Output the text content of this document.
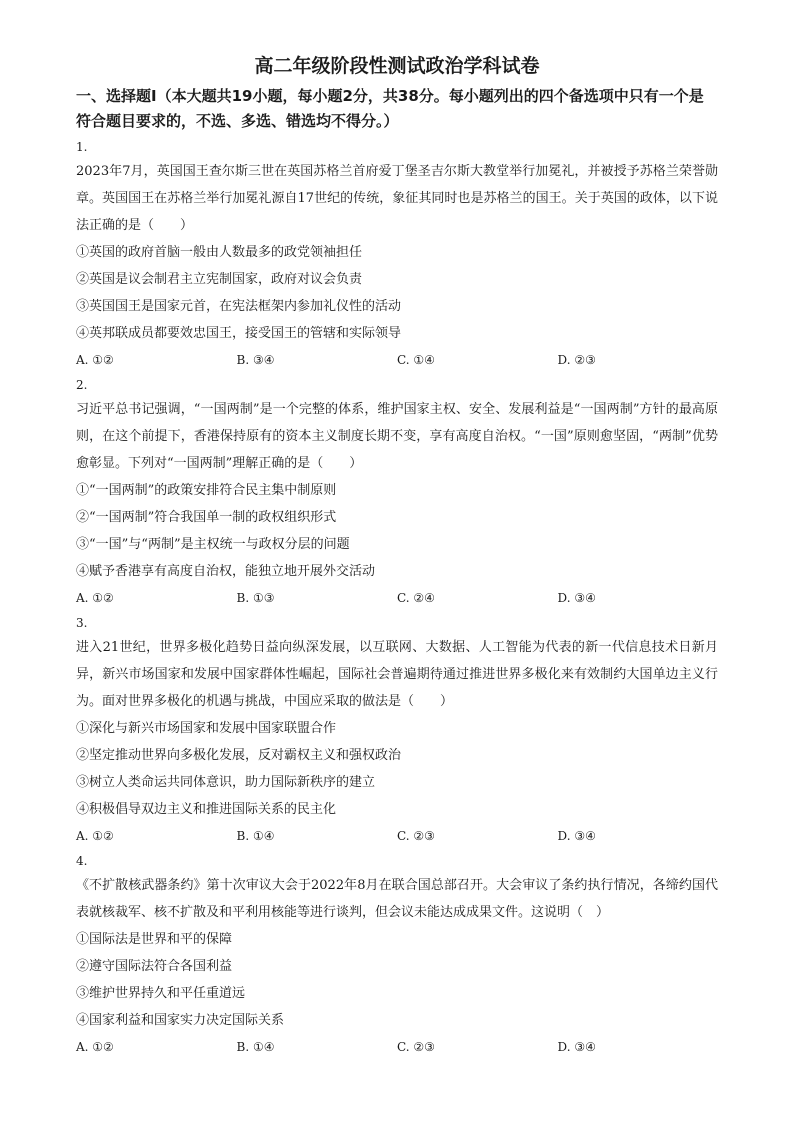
高二年级阶段性测试政治学科试卷
一、选择题I（本大题共19小题，每小题2分，共38分。每小题列出的四个备选项中只有一个是符合题目要求的，不选、多选、错选均不得分。）
1.
2023年7月，英国国王查尔斯三世在英国苏格兰首府爱丁堡圣吉尔斯大教堂举行加冕礼，并被授予苏格兰荣誉勋章。英国国王在苏格兰举行加冕礼源自17世纪的传统，象征其同时也是苏格兰的国王。关于英国的政体，以下说法正确的是（　　）
①英国的政府首脑一般由人数最多的政党领袖担任
②英国是议会制君主立宪制国家，政府对议会负责
③英国国王是国家元首，在宪法框架内参加礼仪性的活动
④英邦联成员都要效忠国王，接受国王的管辖和实际领导
A. ①②	B. ③④	C. ①④	D. ②③
2.
习近平总书记强调，“一国两制”是一个完整的体系，维护国家主权、安全、发展利益是“一国两制”方针的最高原则，在这个前提下，香港保持原有的资本主义制度长期不变，享有高度自治权。“一国”原则愈坚固，“两制”优势愈彰显。下列对“一国两制”理解正确的是（　　）
①“一国两制”的政策安排符合民主集中制原则
②“一国两制”符合我国单一制的政权组织形式
③“一国”与“两制”是主权统一与政权分层的问题
④赋予香港享有高度自治权，能独立地开展外交活动
A. ①②	B. ①③	C. ②④	D. ③④
3.
进入21世纪，世界多极化趋势日益向纵深发展，以互联网、大数据、人工智能为代表的新一代信息技术日新月异，新兴市场国家和发展中国家群体性崛起，国际社会普遍期待通过推进世界多极化来有效制约大国单边主义行为。面对世界多极化的机遇与挑战，中国应采取的做法是（　　）
①深化与新兴市场国家和发展中国家联盟合作
②坚定推动世界向多极化发展，反对霸权主义和强权政治
③树立人类命运共同体意识，助力国际新秩序的建立
④积极倡导双边主义和推进国际关系的民主化
A. ①②	B. ①④	C. ②③	D. ③④
4.
《不扩散核武器条约》第十次审议大会于2022年8月在联合国总部召开。大会审议了条约执行情况，各缔约国代表就核裁军、核不扩散及和平利用核能等进行谈判，但会议未能达成成果文件。这说明（　）
①国际法是世界和平的保障
②遵守国际法符合各国利益
③维护世界持久和平任重道远
④国家利益和国家实力决定国际关系
A. ①②	B. ①④	C. ②③	D. ③④
